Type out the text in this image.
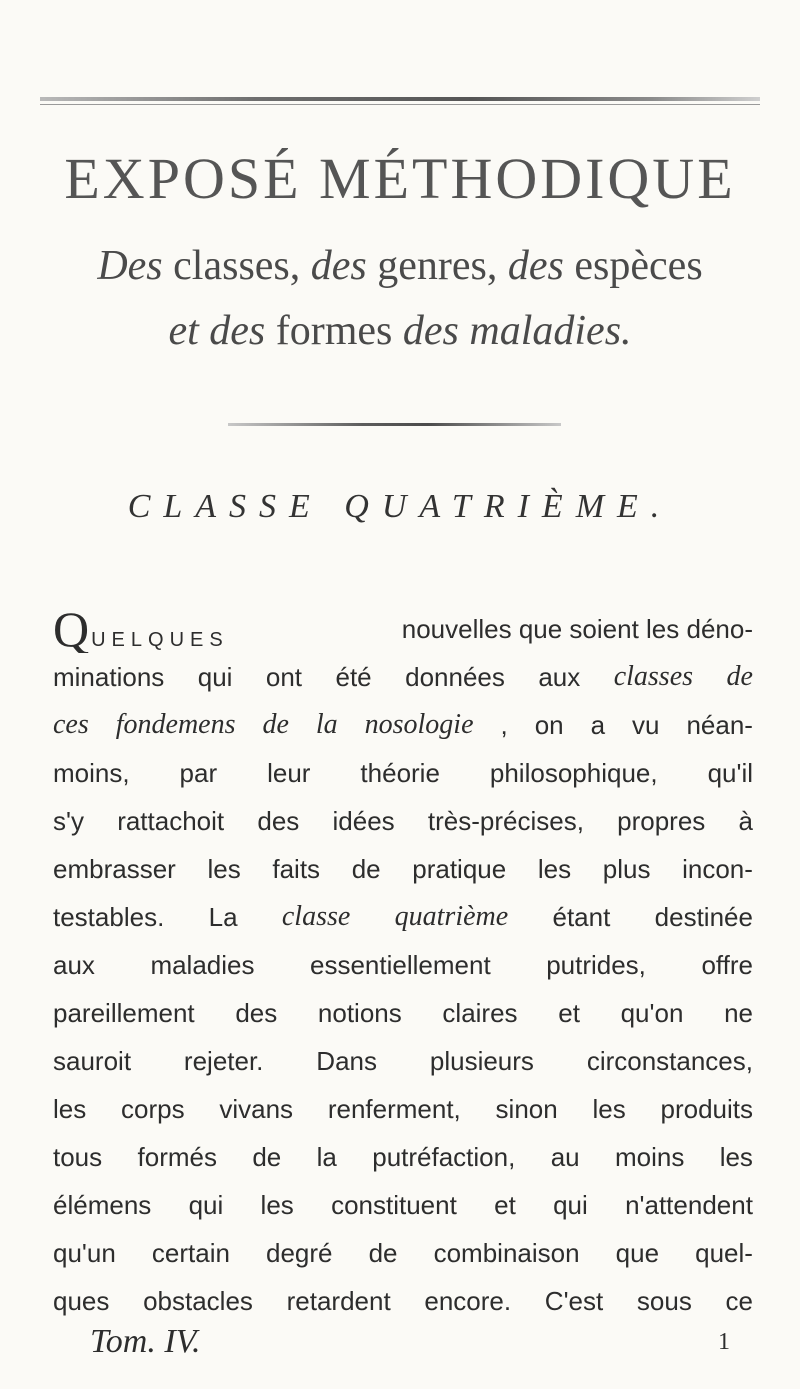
EXPOSÉ MÉTHODIQUE
Des classes, des genres, des espèces
et des formes des maladies.
CLASSE QUATRIÈME.
QUELQUES	nouvelles que soient les déno-
minations qui ont été données aux classes de
ces fondemens de la nosologie , on a vu néan-
moins, par leur théorie philosophique, qu'il
s'y rattachoit des idées très-précises, propres à
embrasser les faits de pratique les plus incon-
testables. La classe quatrième étant destinée
aux maladies essentiellement putrides, offre
pareillement des notions claires et qu'on ne
sauroit rejeter. Dans plusieurs circonstances,
les corps vivans renferment, sinon les produits
tous formés de la putréfaction, au moins les
élémens qui les constituent et qui n'attendent
qu'un certain degré de combinaison que quel-
ques obstacles retardent encore. C'est sous ce
Tom. IV.	1
